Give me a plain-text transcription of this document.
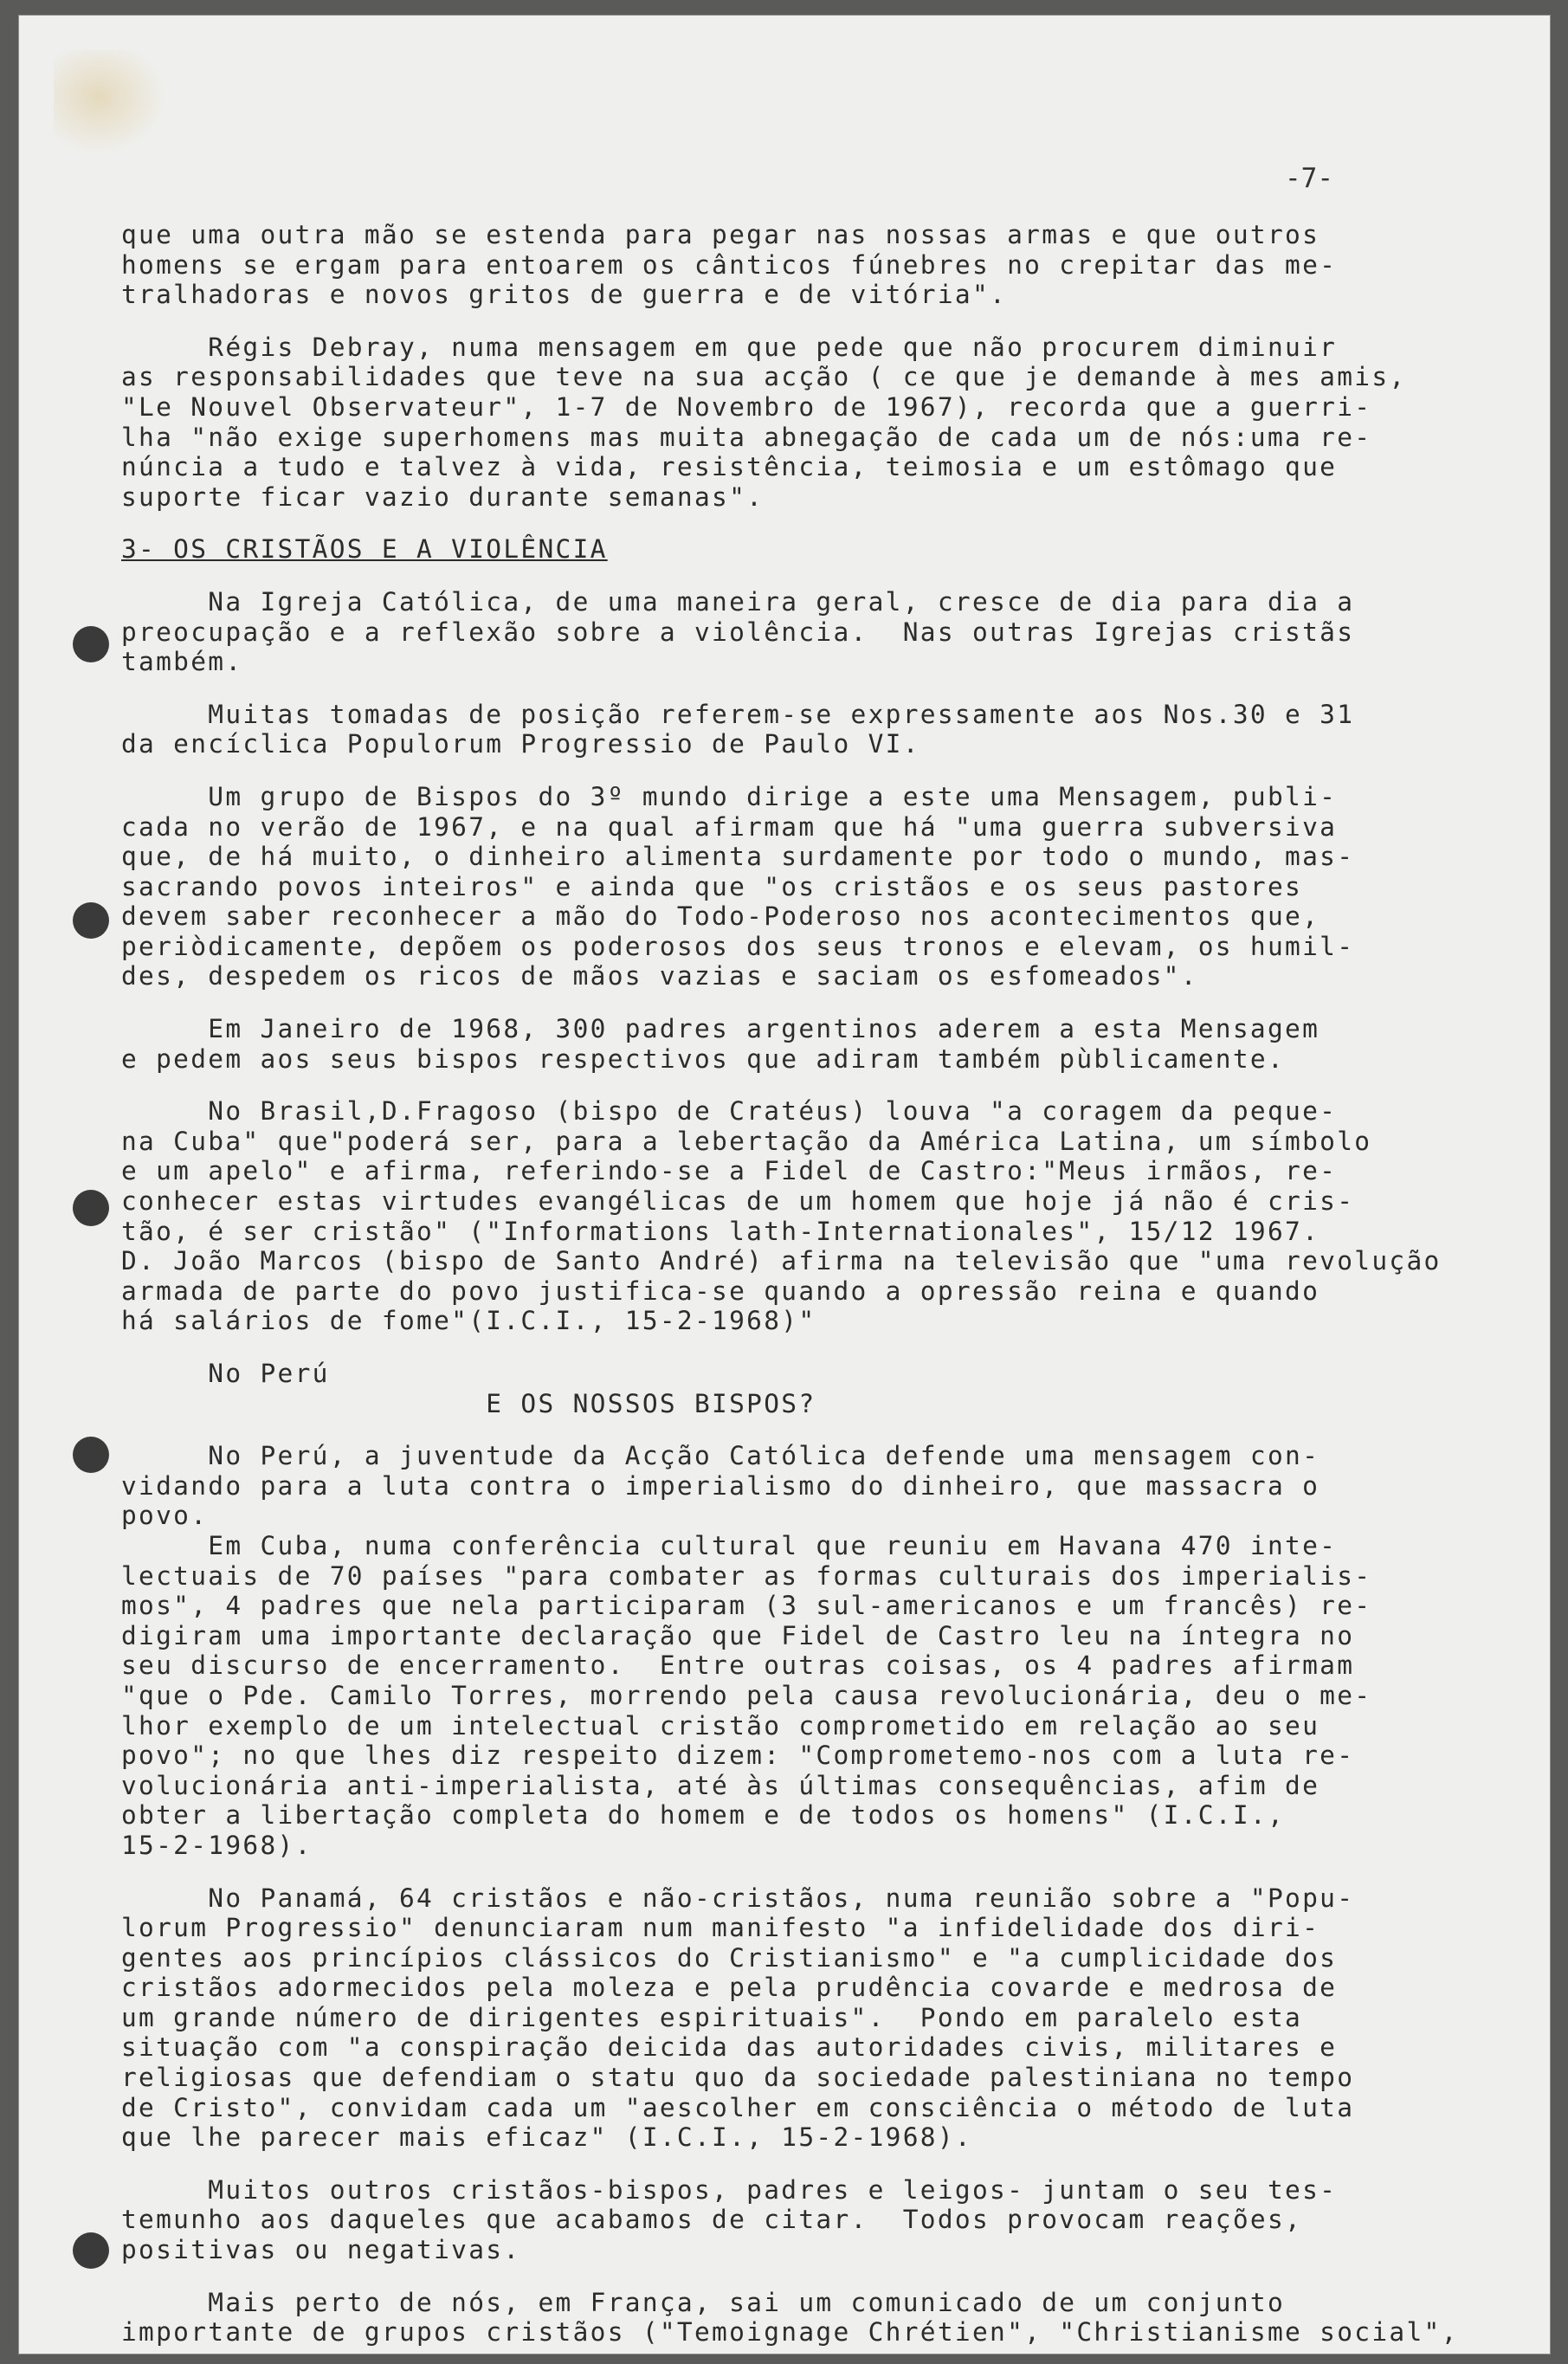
-7-
que uma outra mão se estenda para pegar nas nossas armas e que outros
homens se ergam para entoarem os cânticos fúnebres no crepitar das me-
tralhadoras e novos gritos de guerra e de vitória".
Régis Debray, numa mensagem em que pede que não procurem diminuir
as responsabilidades que teve na sua acção ( ce que je demande à mes amis,
"Le Nouvel Observateur", 1-7 de Novembro de 1967), recorda que a guerri-
lha "não exige superhomens mas muita abnegação de cada um de nós:uma re-
núncia a tudo e talvez à vida, resistência, teimosia e um estômago que
suporte ficar vazio durante semanas".
3- OS CRISTÃOS E A VIOLÊNCIA
Na Igreja Católica, de uma maneira geral, cresce de dia para dia a
preocupação e a reflexão sobre a violência.  Nas outras Igrejas cristãs
também.
Muitas tomadas de posição referem-se expressamente aos Nos.30 e 31
da encíclica Populorum Progressio de Paulo VI.
Um grupo de Bispos do 3º mundo dirige a este uma Mensagem, publi-
cada no verão de 1967, e na qual afirmam que há "uma guerra subversiva
que, de há muito, o dinheiro alimenta surdamente por todo o mundo, mas-
sacrando povos inteiros" e ainda que "os cristãos e os seus pastores
devem saber reconhecer a mão do Todo-Poderoso nos acontecimentos que,
periòdicamente, depõem os poderosos dos seus tronos e elevam, os humil-
des, despedem os ricos de mãos vazias e saciam os esfomeados".
Em Janeiro de 1968, 300 padres argentinos aderem a esta Mensagem
e pedem aos seus bispos respectivos que adiram também pùblicamente.
No Brasil,D.Fragoso (bispo de Cratéus) louva "a coragem da peque-
na Cuba" que"poderá ser, para a lebertação da América Latina, um símbolo
e um apelo" e afirma, referindo-se a Fidel de Castro:"Meus irmãos, re-
conhecer estas virtudes evangélicas de um homem que hoje já não é cris-
tão, é ser cristão" ("Informations lath-Internationales", 15/12 1967.
D. João Marcos (bispo de Santo André) afirma na televisão que "uma revolução
armada de parte do povo justifica-se quando a opressão reina e quando
há salários de fome"(I.C.I., 15-2-1968)"
No Perú
E OS NOSSOS BISPOS?
No Perú, a juventude da Acção Católica defende uma mensagem con-
vidando para a luta contra o imperialismo do dinheiro, que massacra o
povo.
Em Cuba, numa conferência cultural que reuniu em Havana 470 inte-
lectuais de 70 países "para combater as formas culturais dos imperialis-
mos", 4 padres que nela participaram (3 sul-americanos e um francês) re-
digiram uma importante declaração que Fidel de Castro leu na íntegra no
seu discurso de encerramento.  Entre outras coisas, os 4 padres afirmam
"que o Pde. Camilo Torres, morrendo pela causa revolucionária, deu o me-
lhor exemplo de um intelectual cristão comprometido em relação ao seu
povo"; no que lhes diz respeito dizem: "Comprometemo-nos com a luta re-
volucionária anti-imperialista, até às últimas consequências, afim de
obter a libertação completa do homem e de todos os homens" (I.C.I.,
15-2-1968).
No Panamá, 64 cristãos e não-cristãos, numa reunião sobre a "Popu-
lorum Progressio" denunciaram num manifesto "a infidelidade dos diri-
gentes aos princípios clássicos do Cristianismo" e "a cumplicidade dos
cristãos adormecidos pela moleza e pela prudência covarde e medrosa de
um grande número de dirigentes espirituais".  Pondo em paralelo esta
situação com "a conspiração deicida das autoridades civis, militares e
religiosas que defendiam o statu quo da sociedade palestiniana no tempo
de Cristo", convidam cada um "aescolher em consciência o método de luta
que lhe parecer mais eficaz" (I.C.I., 15-2-1968).
Muitos outros cristãos-bispos, padres e leigos- juntam o seu tes-
temunho aos daqueles que acabamos de citar.  Todos provocam reações,
positivas ou negativas.
Mais perto de nós, em França, sai um comunicado de um conjunto
importante de grupos cristãos ("Temoignage Chrétien", "Christianisme social",
